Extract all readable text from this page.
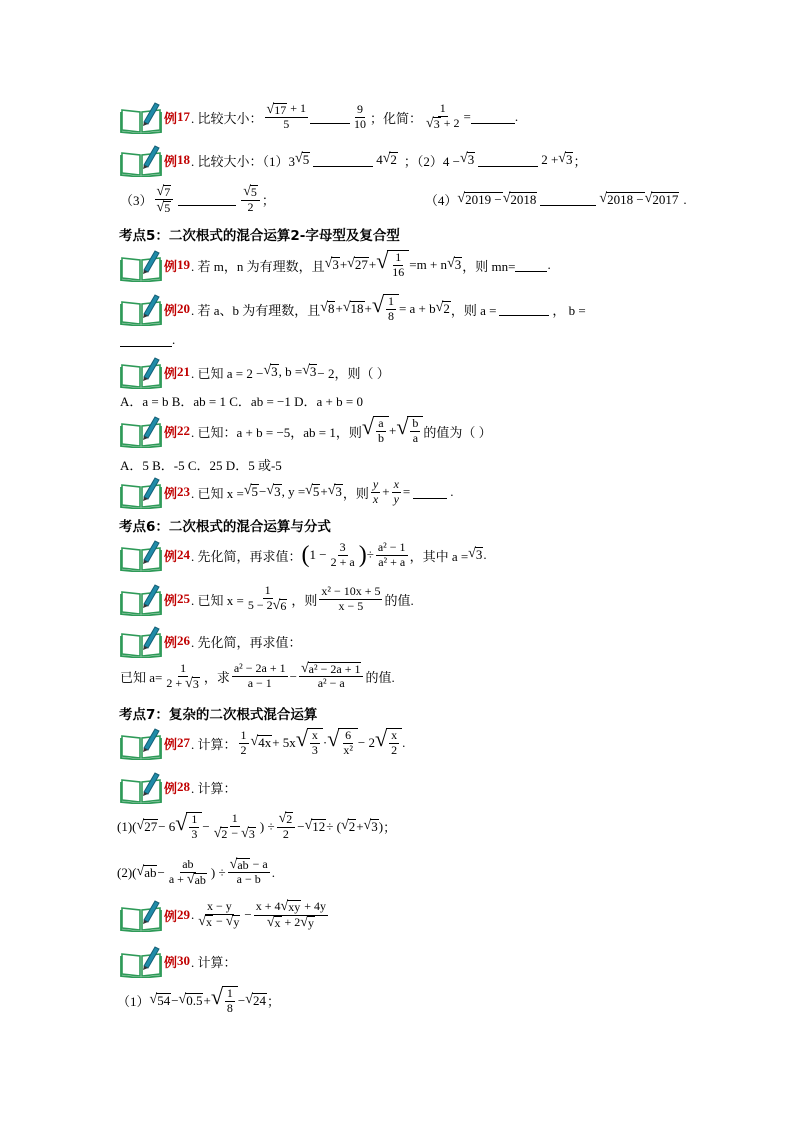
例 17 . 比较大小： $\frac{√ 17 + 1}{5}$	$\frac{9}{10}$ ；化简： $\frac{1}{√ 3 + 2}$ =	.
例 18 . 比较大小：（1）3 √ 5	4 √ 2 ；（2）4 − √ 3	2 + √ 3 ；
$(3) \frac{√ 7}{√ 5}$	$\frac{√ 5}{2}$ ；	（4） √ 2019 − √ 2018	√ 2018 − √ 2017 .
考点5：二次根式的混合运算2-字母型及复合型
例 19 . 若 m，n 为有理数，且 √ 3 + √ 27 + √ $\frac{1}{16} =m + n$ √ 3 ，则 mn= .
例 20 . 若 a、b 为有理数，且 √ 8 + √ 18 + √ $\frac{1}{8} = a + b$ √ 2 ，则 a =	， b =
.
例 21 . 已知 a = 2 − √ 3 , b = √ 3 − 2，则（ ）
A．a = b B．ab = 1 C．ab = −1 D．a + b = 0
例 22 . 已知：a + b = −5，ab = 1，则 √ $\frac{a}{b}$ + √ $\frac{b}{a}$ 的值为（ ）
A．5 B．-5 C．25 D．5 或-5
例 23 . 已知 x = √ 5 − √ 3 , y = √ 5 + √ 3 ，则 $\frac{y}{x} + \frac{x}{y}$ =	.
考点6：二次根式的混合运算与分式
例 24 . 先化简，再求值： ( $1 - \frac{3}{2 + a}$ ) ÷ $\frac{\text{a² − 1}}{\text{a² + a}}$ ，其中 a = √ 3 .
例 25 . 已知 $x = \frac{1}{5 - 2 √ 6}$ ，则 $\frac{\text{x² − 10x + 5}}{x - 5}$ 的值.
例 26 . 先化简，再求值：
已知 $a= \frac{1}{2 + √ 3}$ ，求 $\frac{\text{a² − 2a + 1}}{a - 1} - \frac{\text{√ a² − 2a + 1}}{\text{a² − a}}$ 的值.
考点7：复杂的二次根式混合运算
例 27 . 计算： $\frac{1}{2}$ √ 4x + 5x √ $\frac{x}{3}$ · √ $\frac{6}{\text{x²}} - 2$ √ $\frac{x}{2}$ .
例 28 . 计算：
(1)( √ 27 − 6 √ $\frac{1}{3} - \frac{1}{√ 2 - √ 3}$ ) ÷ $\frac{√ 2}{2}$ − √ 12 ÷ ( √ 2 + √ 3 ) ；
(2)( √ ab − $\frac{ab}{a + √ ab}$ ) ÷ $\frac{√ ab - a}{a - b}$ .
例 29 . $\frac{x - y}{√ x - √ y} - \frac{x + 4 √ xy + 4y}{√ x + 2 √ y}$
例 30 . 计算：
（1） √ 54 − √ 0.5 + √ $\frac{1}{8}$ − √ 24 ；
